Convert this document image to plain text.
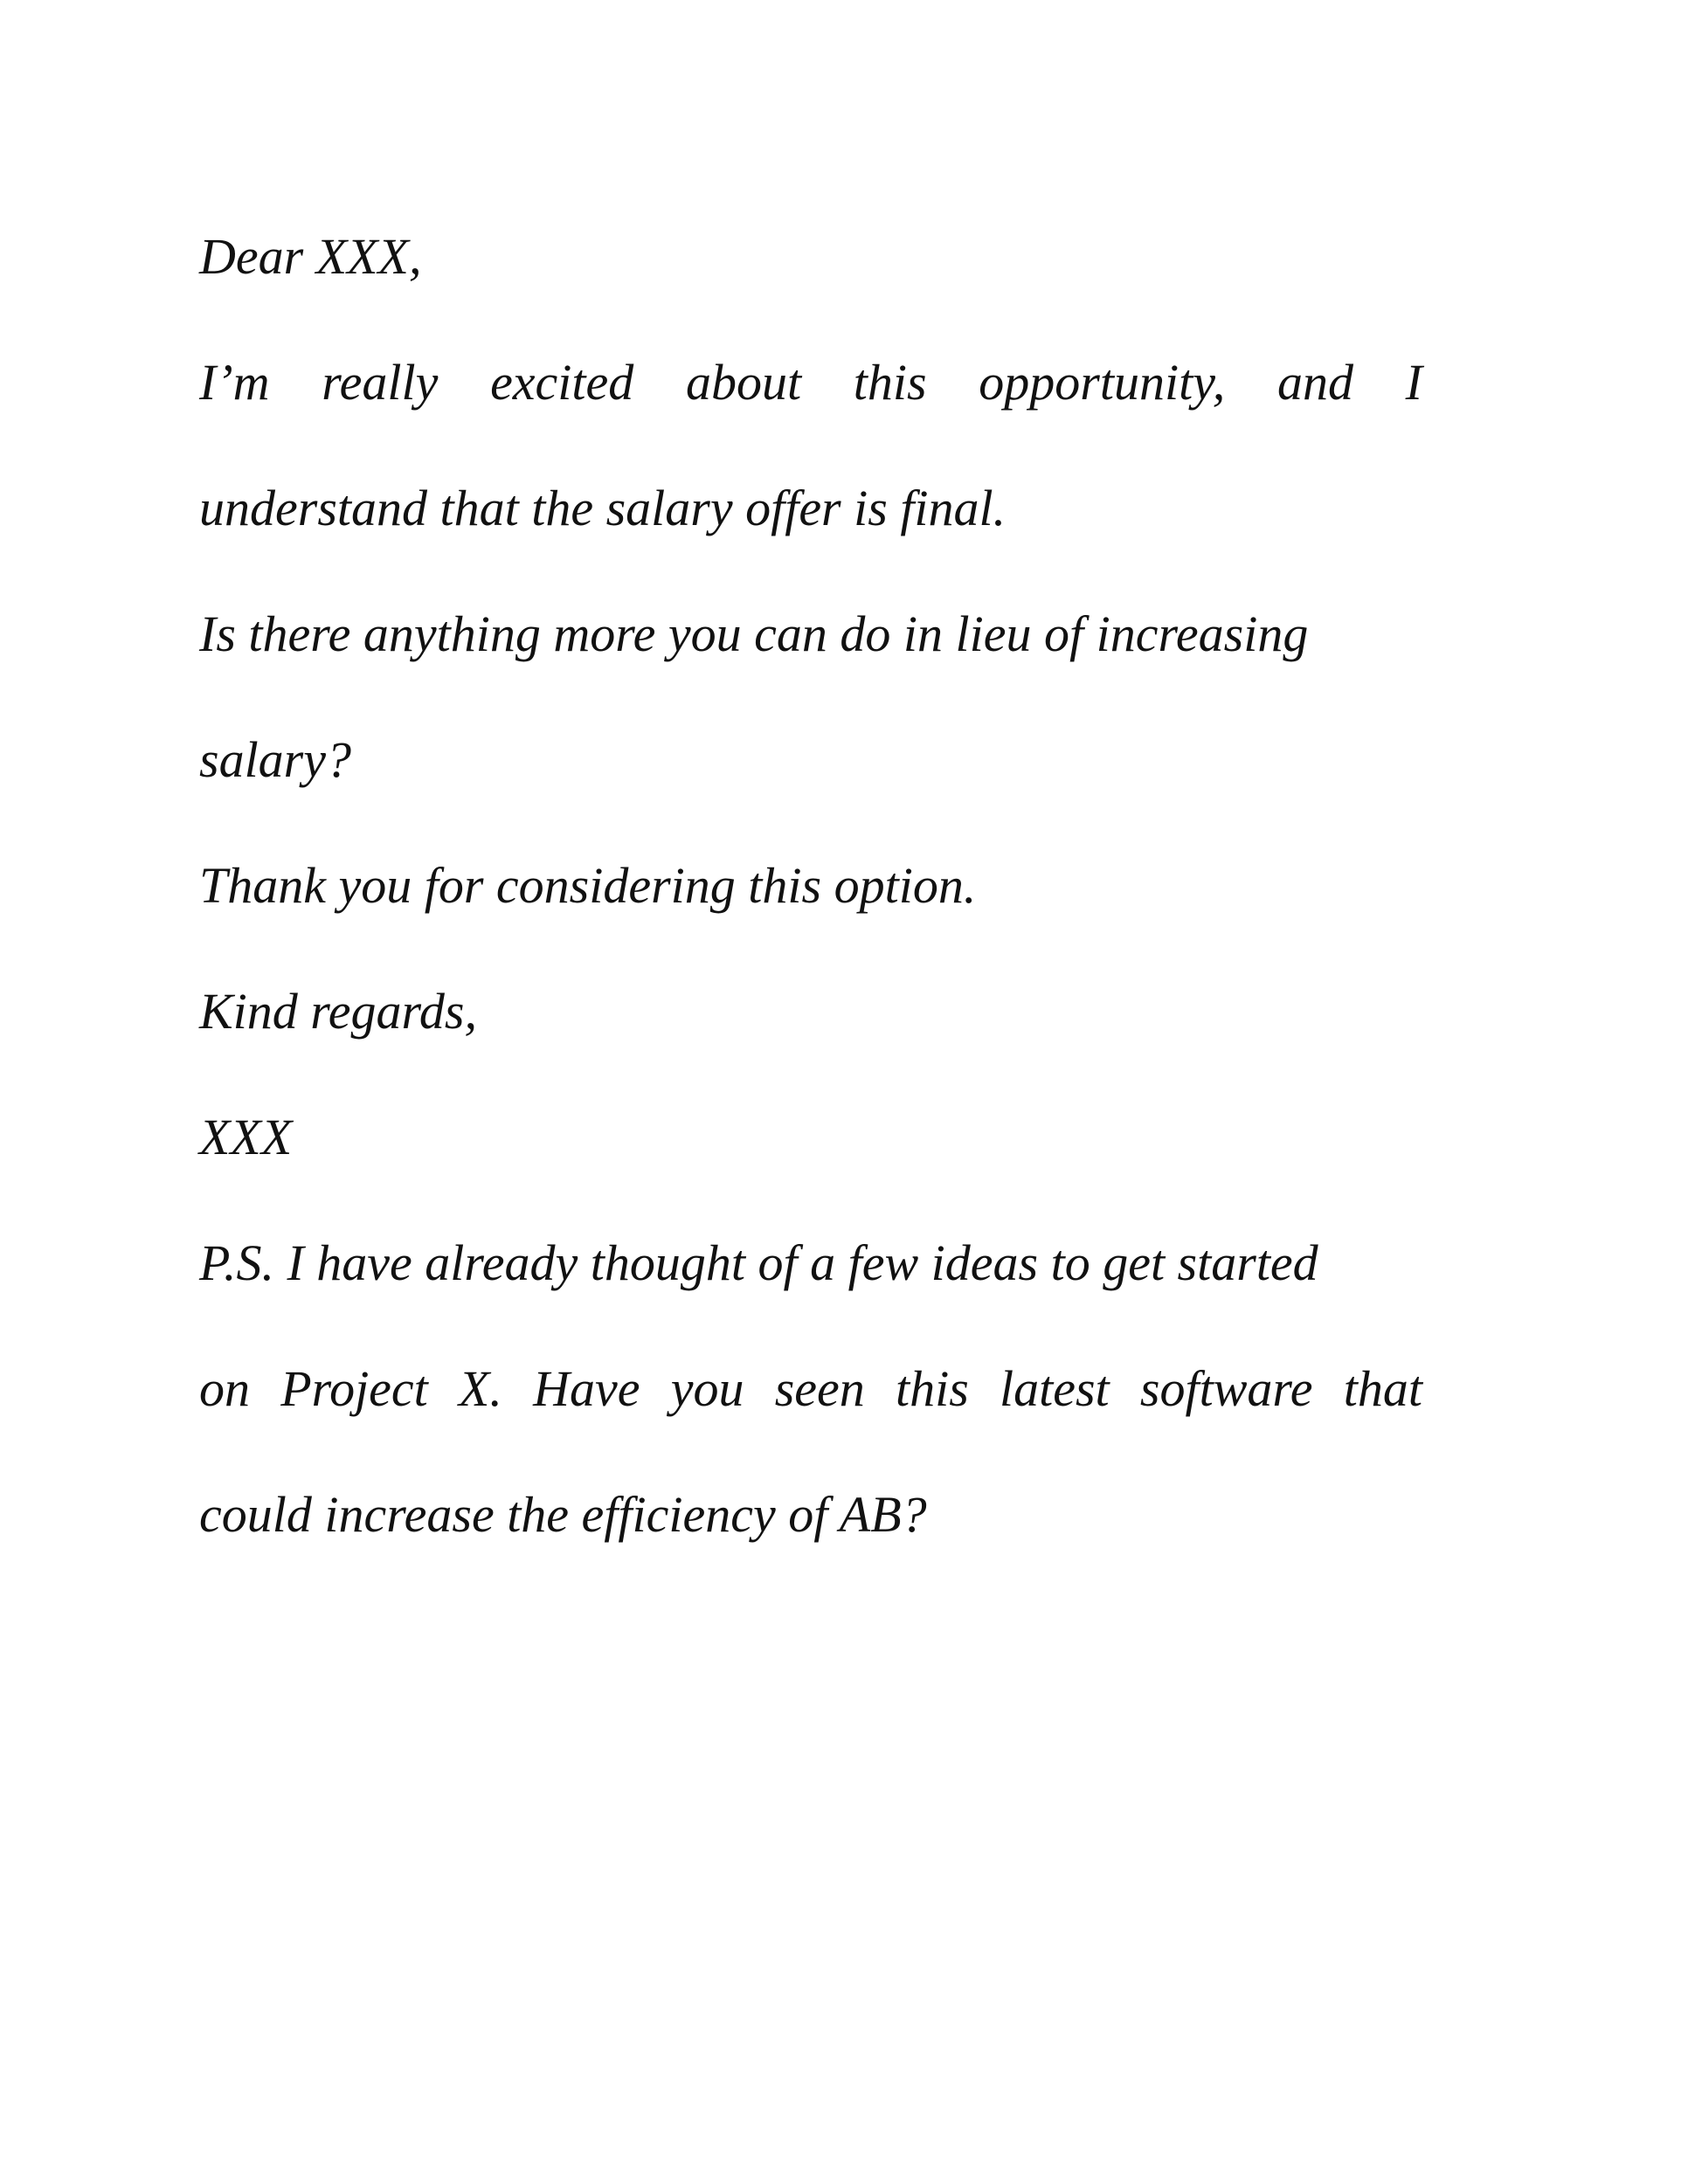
Dear XXX,
I’m really excited about this opportunity, and I
understand that the salary offer is final.
Is there anything more you can do in lieu of increasing
salary?
Thank you for considering this option.
Kind regards,
XXX
P.S. I have already thought of a few ideas to get started
on Project X. Have you seen this latest software that
could increase the efficiency of AB?
